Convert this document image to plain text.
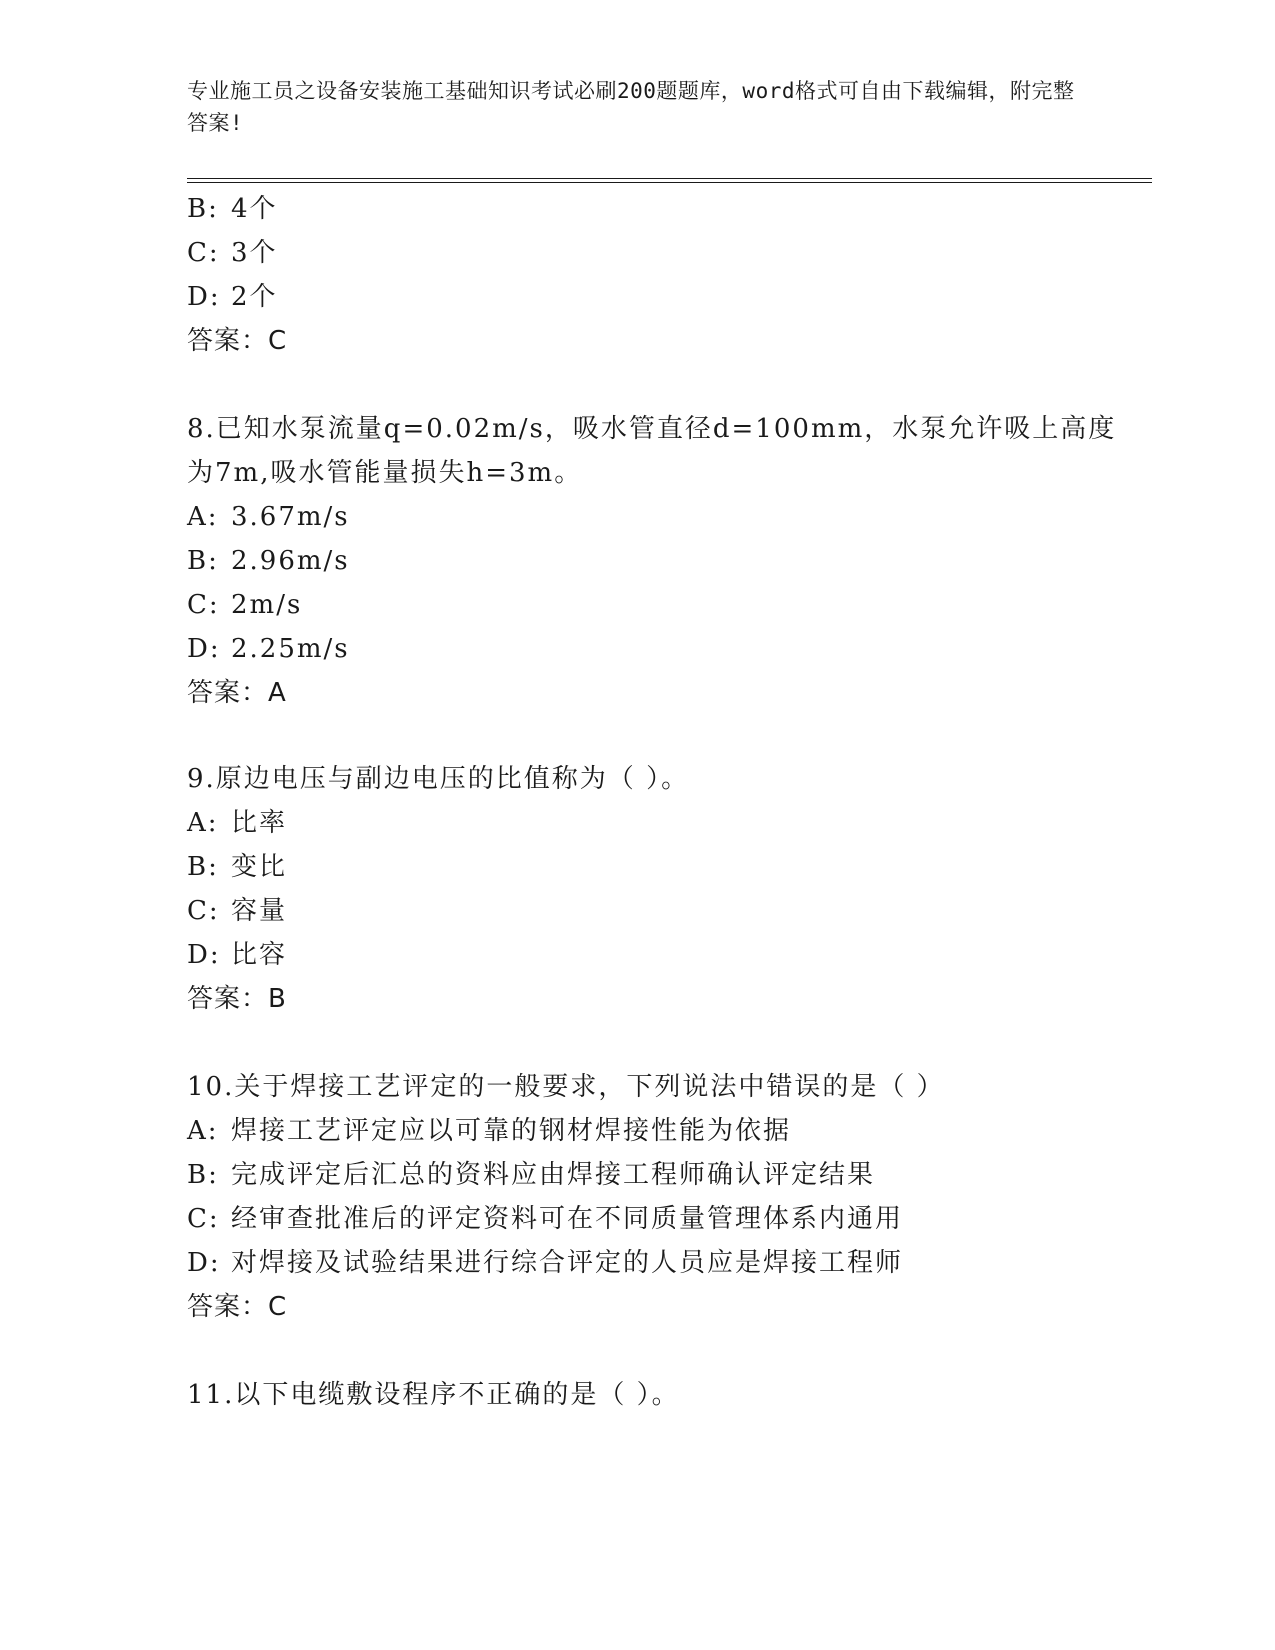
专业施工员之设备安装施工基础知识考试必刷200题题库，word格式可自由下载编辑，附完整答案!
B: 4个
C: 3个
D: 2个
答案：C
8.已知水泵流量q=0.02m/s，吸水管直径d=100mm，水泵允许吸上高度
为7m,吸水管能量损失h=3m。
A: 3.67m/s
B: 2.96m/s
C: 2m/s
D: 2.25m/s
答案：A
9.原边电压与副边电压的比值称为（ ）。
A: 比率
B: 变比
C: 容量
D: 比容
答案：B
10.关于焊接工艺评定的一般要求，下列说法中错误的是（ ）
A: 焊接工艺评定应以可靠的钢材焊接性能为依据
B: 完成评定后汇总的资料应由焊接工程师确认评定结果
C: 经审查批准后的评定资料可在不同质量管理体系内通用
D: 对焊接及试验结果进行综合评定的人员应是焊接工程师
答案：C
11.以下电缆敷设程序不正确的是（ ）。
